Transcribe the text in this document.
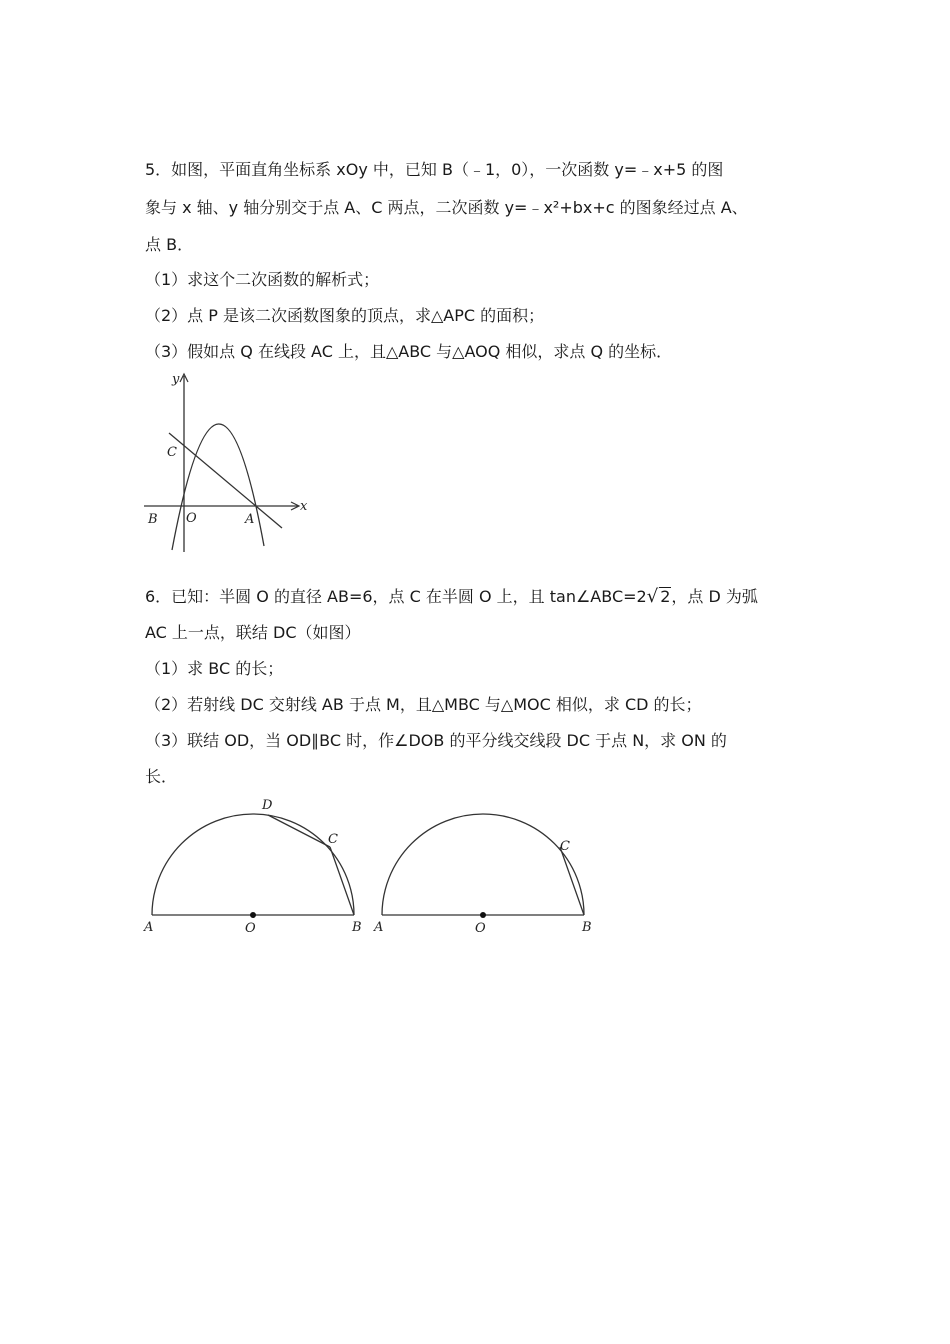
5．如图，平面直角坐标系 xOy 中，已知 B（﹣1，0），一次函数 y=﹣x+5 的图
象与 x 轴、y 轴分别交于点 A、C 两点，二次函数 y=﹣x²+bx+c 的图象经过点 A、
点 B．
（1）求这个二次函数的解析式；
（2）点 P 是该二次函数图象的顶点，求△APC 的面积；
（3）假如点 Q 在线段 AC 上，且△ABC 与△AOQ 相似，求点 Q 的坐标．
y
x
C
B O	A
6．已知：半圆 O 的直径 AB=6，点 C 在半圆 O 上，且 tan∠ABC=2√ 2，点 D 为弧
AC 上一点，联结 DC（如图）
（1）求 BC 的长；
（2）若射线 DC 交射线 AB 于点 M，且△MBC 与△MOC 相似，求 CD 的长；
（3）联结 OD，当 OD∥BC 时，作∠DOB 的平分线交线段 DC 于点 N，求 ON 的
长．
A	O	B
C
D
A	O	B
C
